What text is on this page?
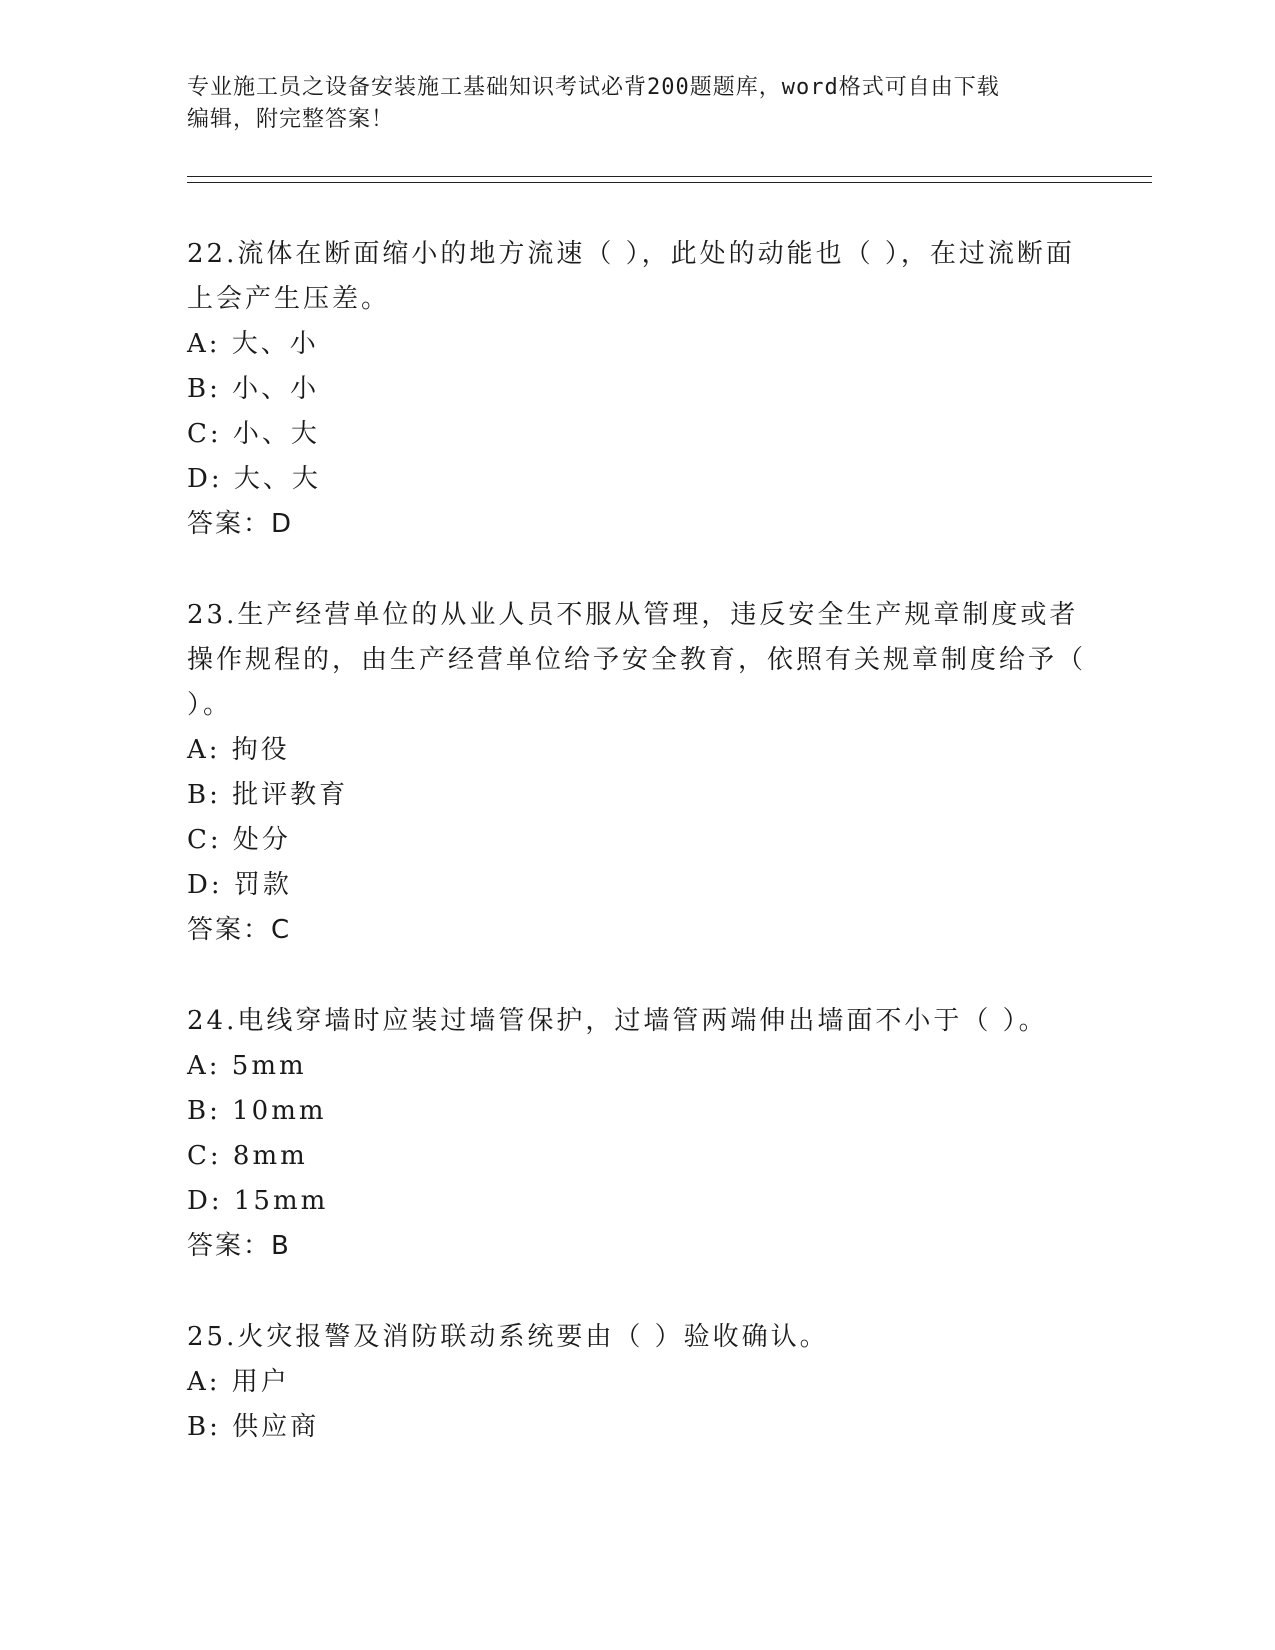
专业施工员之设备安装施工基础知识考试必背200题题库，word格式可自由下载
编辑，附完整答案！
22.流体在断面缩小的地方流速（ ），此处的动能也（ ），在过流断面上会产生压差。
A: 大、小
B: 小、小
C: 小、大
D: 大、大
答案：D
23.生产经营单位的从业人员不服从管理，违反安全生产规章制度或者操作规程的，由生产经营单位给予安全教育，依照有关规章制度给予（ ）。
A: 拘役
B: 批评教育
C: 处分
D: 罚款
答案：C
24.电线穿墙时应装过墙管保护，过墙管两端伸出墙面不小于（ ）。
A: 5mm
B: 10mm
C: 8mm
D: 15mm
答案：B
25.火灾报警及消防联动系统要由（ ）验收确认。
A: 用户
B: 供应商
